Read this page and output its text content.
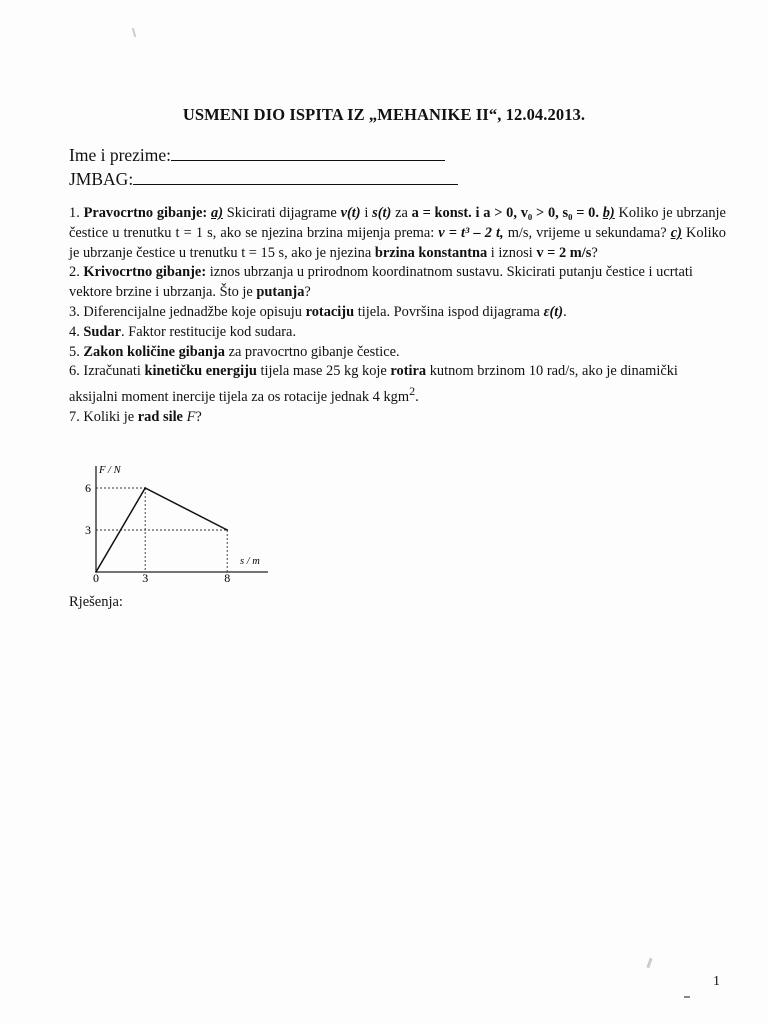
USMENI DIO ISPITA IZ „MEHANIKE II“, 12.04.2013.
Ime i prezime:
JMBAG:

1. Pravocrtno gibanje: a) Skicirati dijagrame v(t) i s(t) za a = konst. i a > 0, v₀ > 0, s₀ = 0. b) Koliko je ubrzanje čestice u trenutku t = 1 s, ako se njezina brzina mijenja prema: v = t³ – 2 t, m/s, vrijeme u sekundama? c) Koliko je ubrzanje čestice u trenutku t = 15 s, ako je njezina brzina konstantna i iznosi v = 2 m/s?

2. Krivocrtno gibanje: iznos ubrzanja u prirodnom koordinatnom sustavu. Skicirati putanju čestice i ucrtati vektore brzine i ubrzanja. Što je putanja?

3. Diferencijalne jednadžbe koje opisuju rotaciju tijela. Površina ispod dijagrama ε(t).

4. Sudar. Faktor restitucije kod sudara.

5. Zakon količine gibanja za pravocrtno gibanje čestice.

6. Izračunati kinetičku energiju tijela mase 25 kg koje rotira kutnom brzinom 10 rad/s, ako je dinamički aksijalni moment inercije tijela za os rotacije jednak 4 kgm$^2$.

7. Koliki je rad sile F?

0	3	8
3
6
F / N
s / m
Rješenja:
1
